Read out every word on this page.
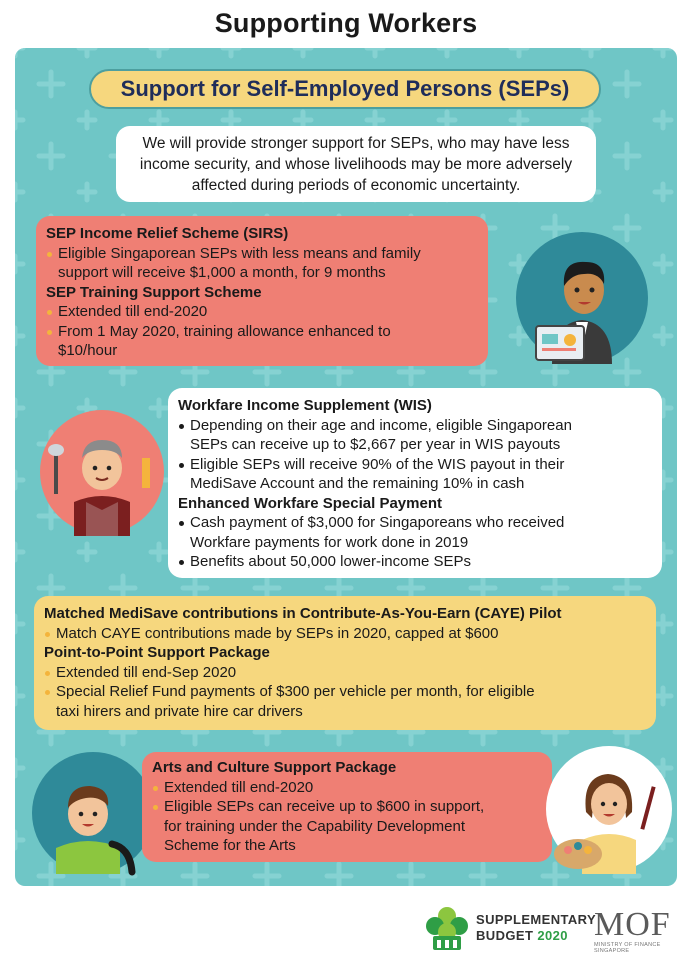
Supporting Workers
Support for Self-Employed Persons (SEPs)
We will provide stronger support for SEPs, who may have less
income security, and whose livelihoods may be more adversely
affected during periods of economic uncertainty.
SEP Income Relief Scheme (SIRS)
Eligible Singaporean SEPs with less means and family
support will receive $1,000 a month, for 9 months
SEP Training Support Scheme
Extended till end-2020
From 1 May 2020, training allowance enhanced to
$10/hour
Workfare Income Supplement (WIS)
Depending on their age and income, eligible Singaporean
SEPs can receive up to $2,667 per year in WIS payouts
Eligible SEPs will receive 90% of the WIS payout in their
MediSave Account and the remaining 10% in cash
Enhanced Workfare Special Payment
Cash payment of $3,000 for Singaporeans who received
Workfare payments for work done in 2019
Benefits about 50,000 lower-income SEPs
Matched MediSave contributions in Contribute-As-You-Earn (CAYE) Pilot
Match CAYE contributions made by SEPs in 2020, capped at $600
Point-to-Point Support Package
Extended till end-Sep 2020
Special Relief Fund payments of $300 per vehicle per month, for eligible
taxi hirers and private hire car drivers
Arts and Culture Support Package
Extended till end-2020
Eligible SEPs can receive up to $600 in support,
for training under the Capability Development
Scheme for the Arts
SUPPLEMENTARY
BUDGET 2020 MOF
MINISTRY OF FINANCE SINGAPORE
